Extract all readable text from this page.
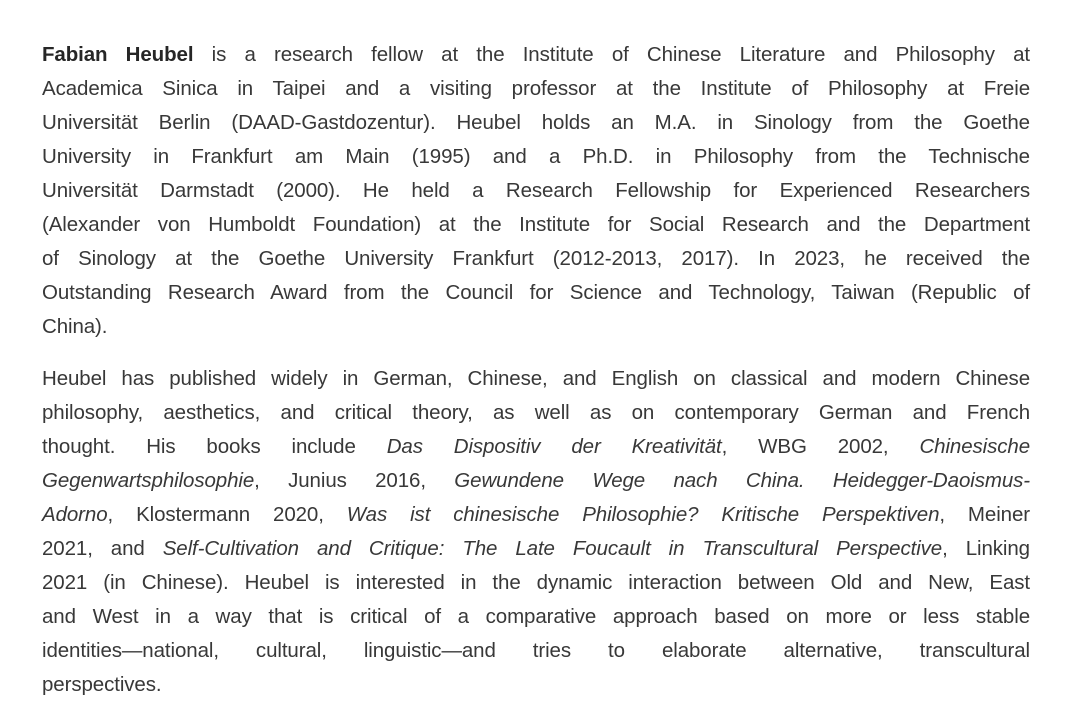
Fabian Heubel is a research fellow at the Institute of Chinese Literature and Philosophy at
Academica Sinica in Taipei and a visiting professor at the Institute of Philosophy at Freie
Universität Berlin (DAAD-Gastdozentur). Heubel holds an M.A. in Sinology from the Goethe
University in Frankfurt am Main (1995) and a Ph.D. in Philosophy from the Technische
Universität Darmstadt (2000). He held a Research Fellowship for Experienced Researchers
(Alexander von Humboldt Foundation) at the Institute for Social Research and the Department
of Sinology at the Goethe University Frankfurt (2012-2013, 2017). In 2023, he received the
Outstanding Research Award from the Council for Science and Technology, Taiwan (Republic of
China).
Heubel has published widely in German, Chinese, and English on classical and modern Chinese
philosophy, aesthetics, and critical theory, as well as on contemporary German and French
thought. His books include Das Dispositiv der Kreativität, WBG 2002, Chinesische
Gegenwartsphilosophie, Junius 2016, Gewundene Wege nach China. Heidegger-Daoismus-
Adorno, Klostermann 2020, Was ist chinesische Philosophie? Kritische Perspektiven, Meiner
2021, and Self-Cultivation and Critique: The Late Foucault in Transcultural Perspective, Linking
2021 (in Chinese). Heubel is interested in the dynamic interaction between Old and New, East
and West in a way that is critical of a comparative approach based on more or less stable
identities—national, cultural, linguistic—and tries to elaborate alternative, transcultural
perspectives.
